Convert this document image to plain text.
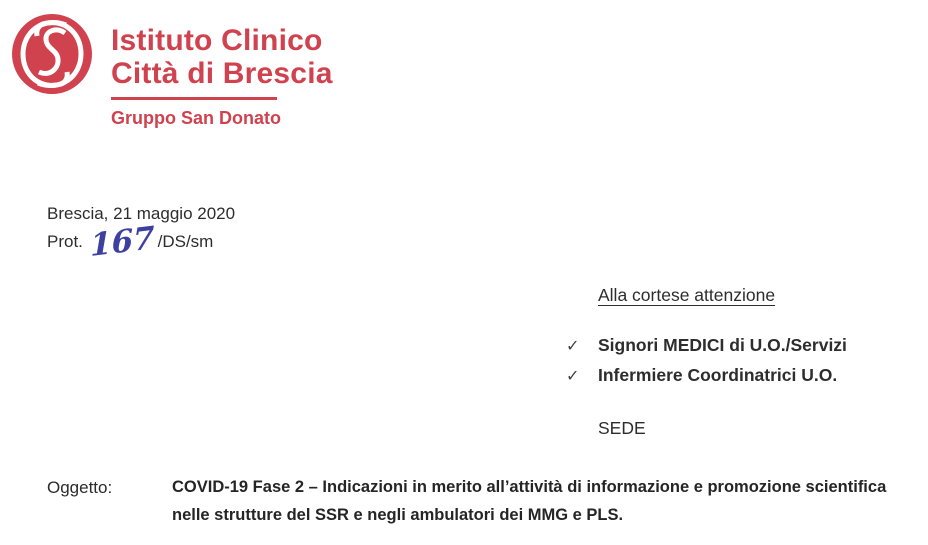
Istituto Clinico
Città di Brescia
Gruppo San Donato
Brescia, 21 maggio 2020
Prot. 167 /DS/sm
Alla cortese attenzione
✓	Signori MEDICI di U.O./Servizi
✓	Infermiere Coordinatrici U.O.
SEDE
Oggetto:	COVID-19 Fase 2 – Indicazioni in merito all’attività di informazione e promozione scientifica nelle strutture del SSR e negli ambulatori dei MMG e PLS.
